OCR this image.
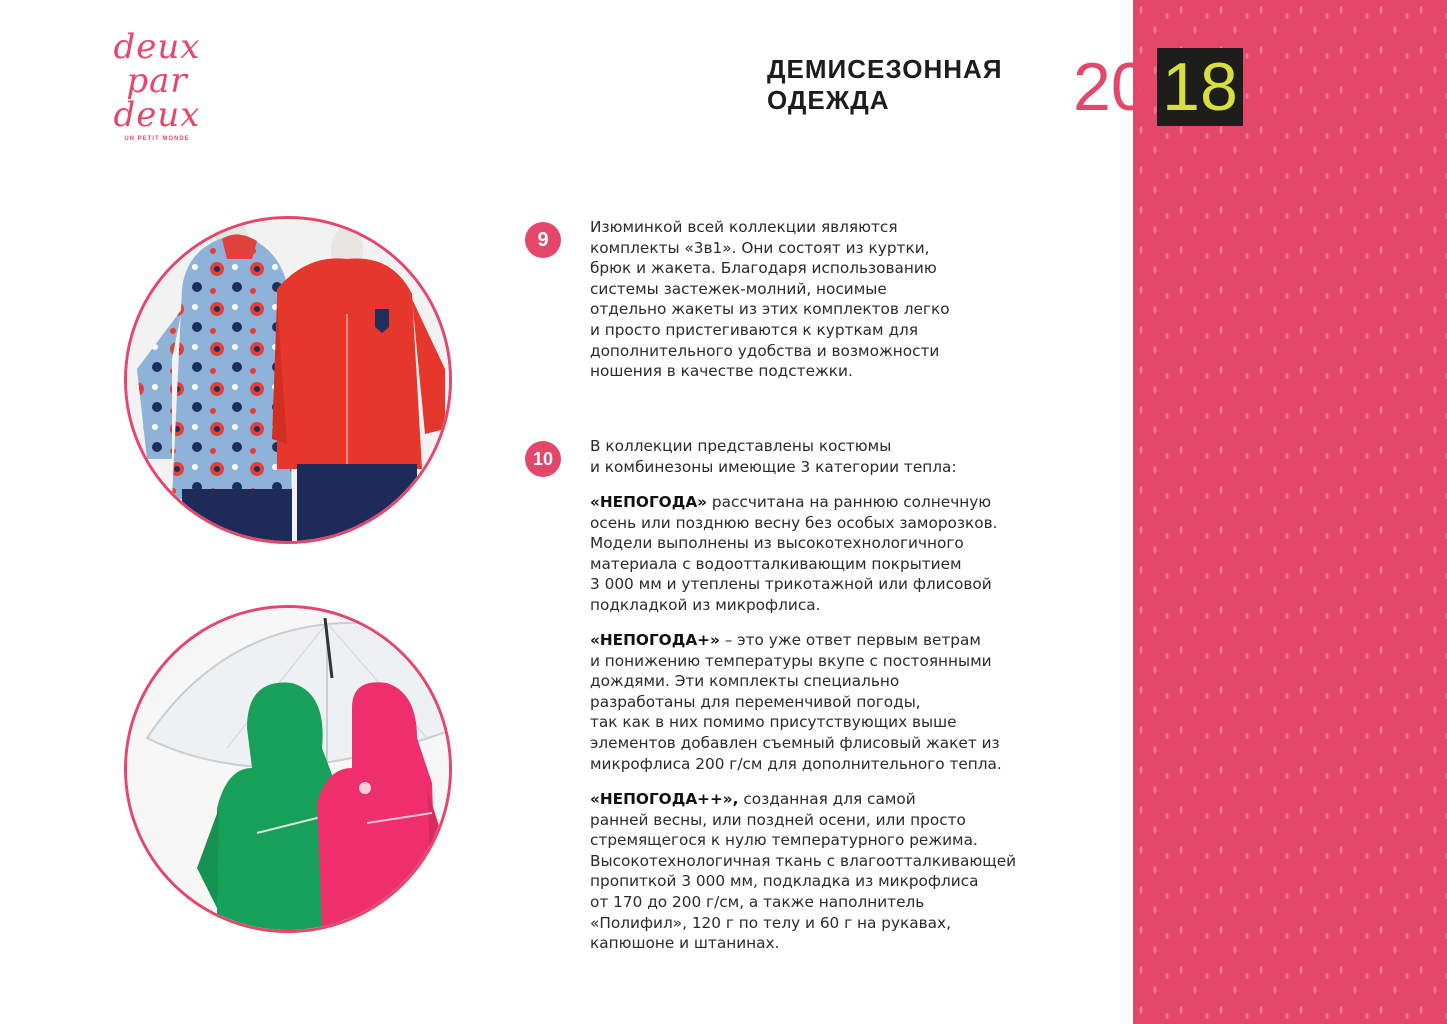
deux
par
deux
UN PETIT MONDE
ДЕМИСЕЗОННАЯ
ОДЕЖДА	20 18
9
Изюминкой всей коллекции являются
комплекты «3в1». Они состоят из куртки,
брюк и жакета. Благодаря использованию
системы застежек-молний, носимые
отдельно жакеты из этих комплектов легко
и просто пристегиваются к курткам для
дополнительного удобства и возможности
ношения в качестве подстежки.
10
В коллекции представлены костюмы
и комбинезоны имеющие 3 категории тепла:
«НЕПОГОДА» рассчитана на раннюю солнечную
осень или позднюю весну без особых заморозков.
Модели выполнены из высокотехнологичного
материала с водоотталкивающим покрытием
3 000 мм и утеплены трикотажной или флисовой
подкладкой из микрофлиса.
«НЕПОГОДА+» – это уже ответ первым ветрам
и понижению температуры вкупе с постоянными
дождями. Эти комплекты специально
разработаны для переменчивой погоды,
так как в них помимо присутствующих выше
элементов добавлен съемный флисовый жакет из
микрофлиса 200 г/см для дополнительного тепла.
«НЕПОГОДА++», созданная для самой
ранней весны, или поздней осени, или просто
стремящегося к нулю температурного режима.
Высокотехнологичная ткань с влагоотталкивающей
пропиткой 3 000 мм, подкладка из микрофлиса
от 170 до 200 г/см, а также наполнитель
«Полифил», 120 г по телу и 60 г на рукавах,
капюшоне и штанинах.
